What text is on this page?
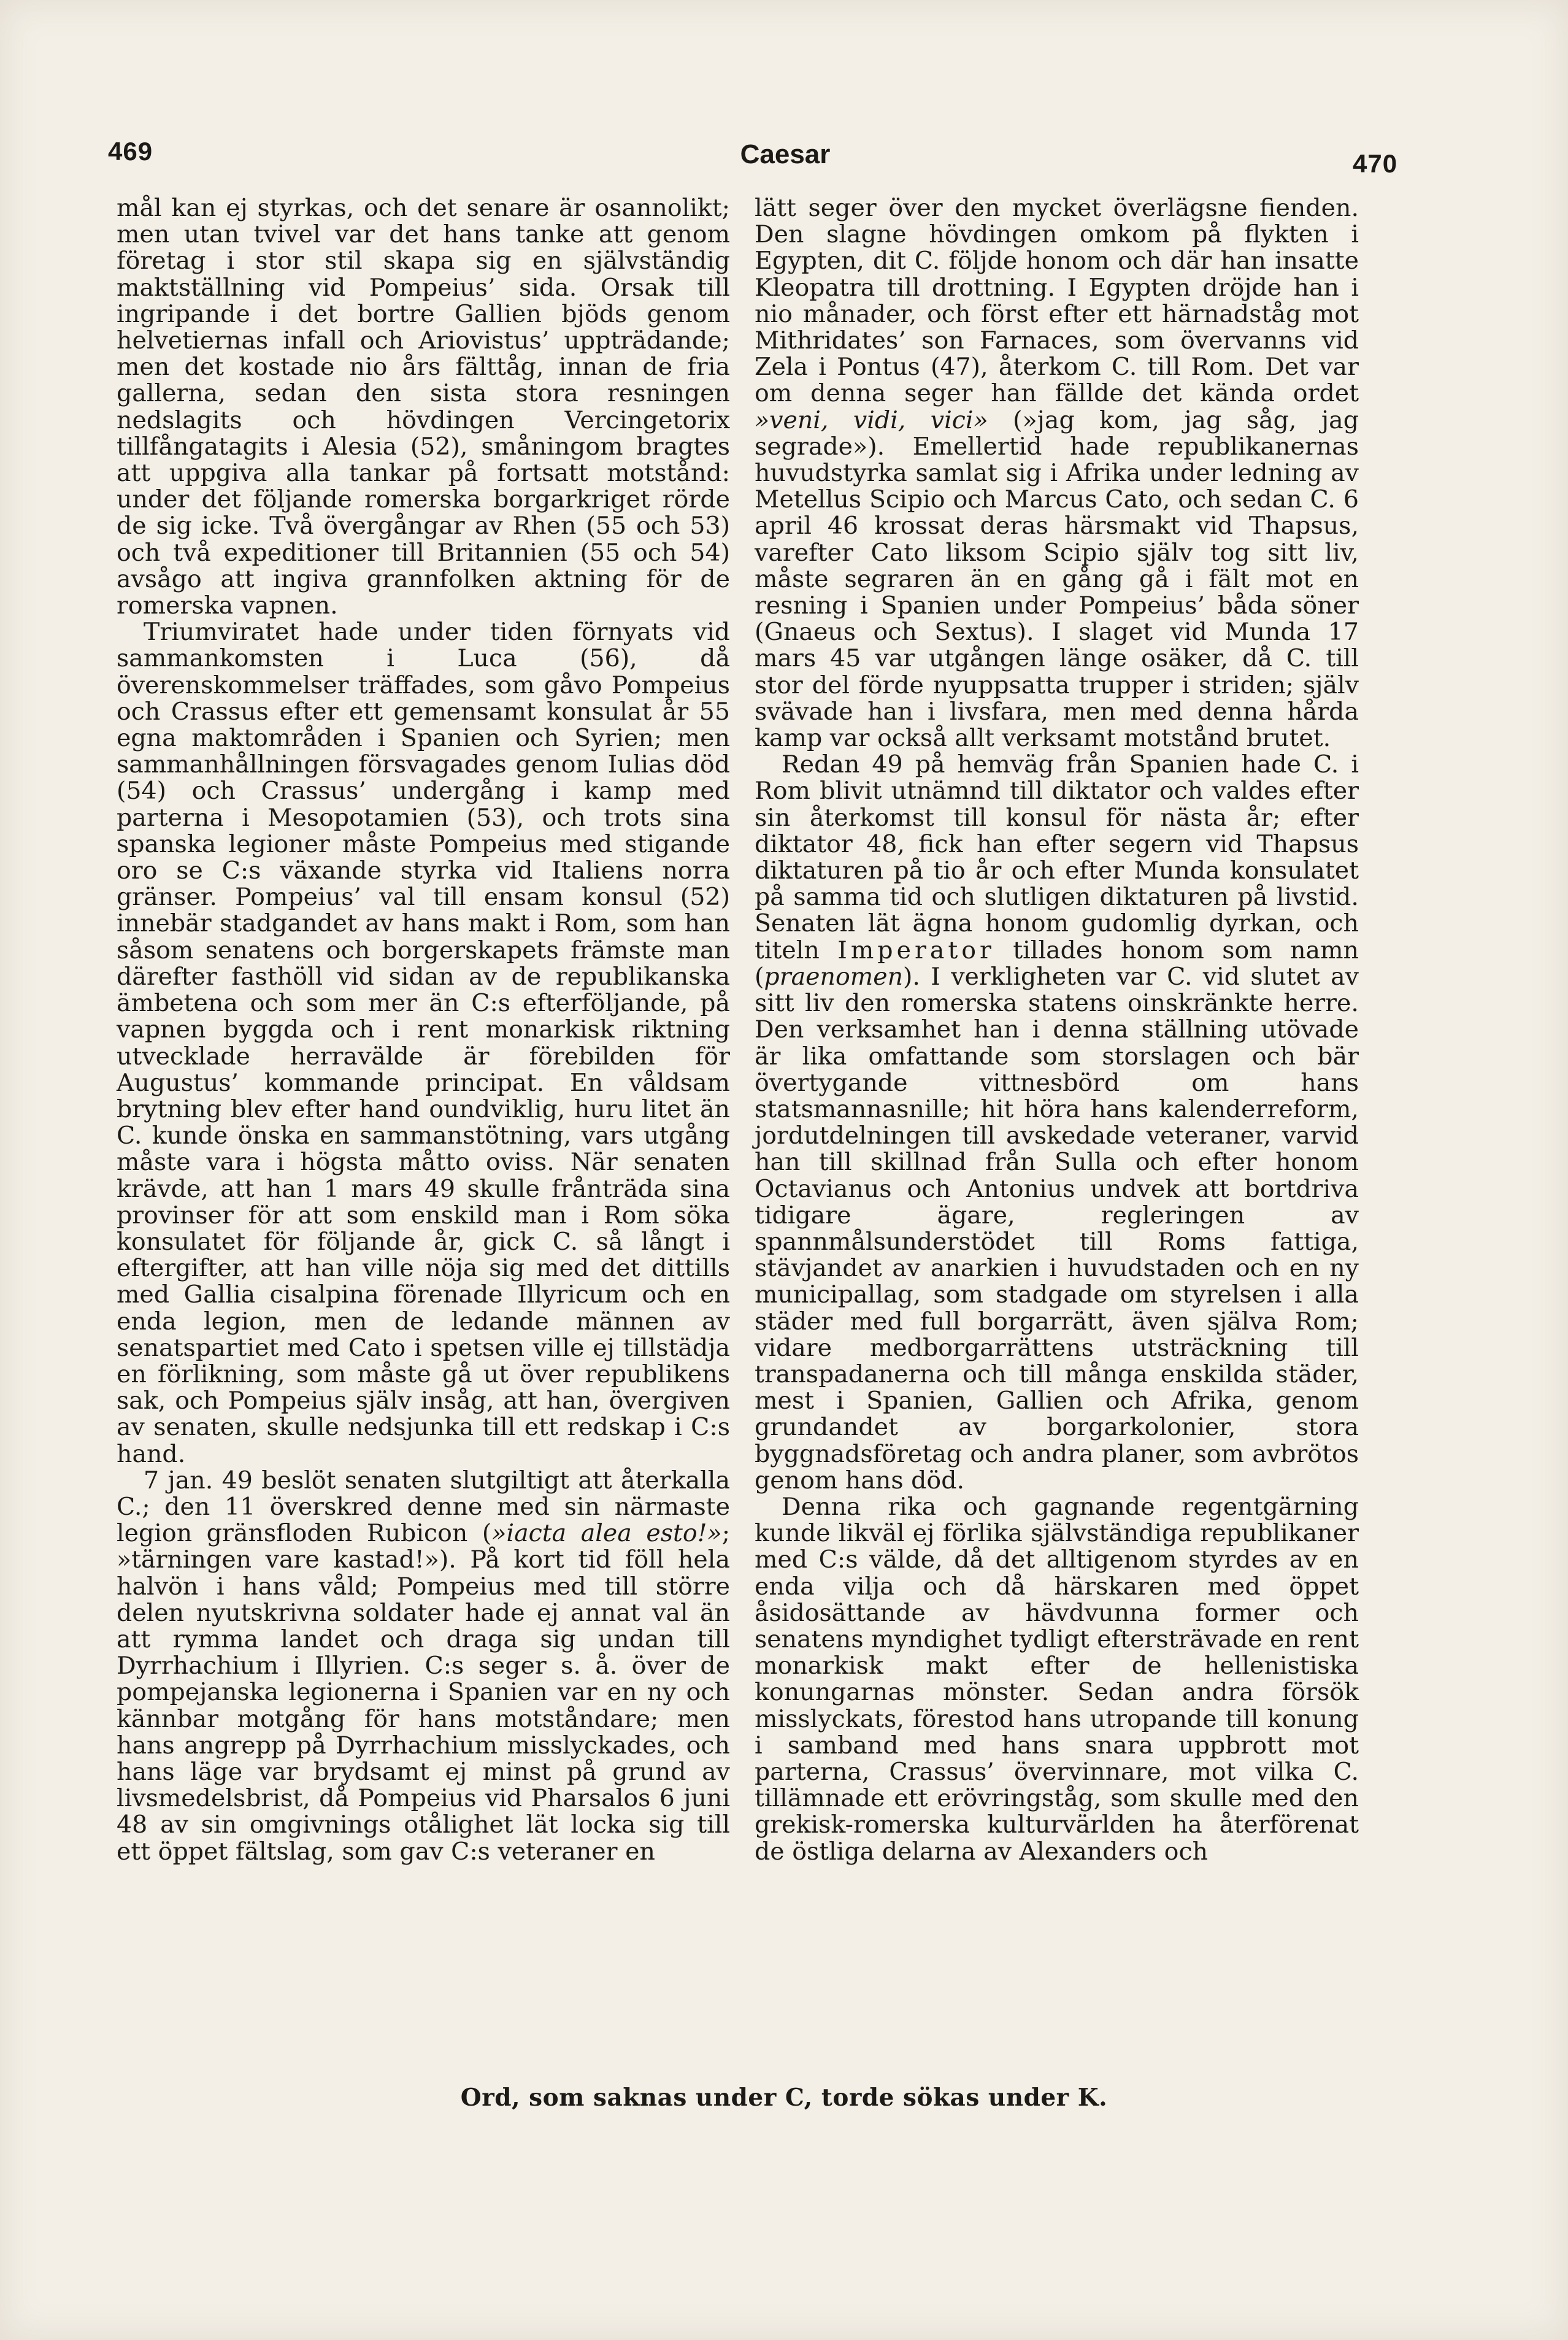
469	Caesar	470

mål kan ej styrkas, och det senare är osannolikt; men utan tvivel var det hans tanke att genom företag i stor stil skapa sig en självständig maktställning vid Pompeius’ sida. Orsak till ingripande i det bortre Gallien bjöds genom helvetiernas infall och Ariovistus’ uppträdande; men det kostade nio års fälttåg, innan de fria gallerna, sedan den sista stora resningen nedslagits och hövdingen Vercingetorix tillfångatagits i Alesia (52), småningom bragtes att uppgiva alla tankar på fortsatt motstånd: under det följande romerska borgarkriget rörde de sig icke. Två övergångar av Rhen (55 och 53) och två expeditioner till Britannien (55 och 54) avsågo att ingiva grannfolken aktning för de romerska vapnen.

Triumviratet hade under tiden förnyats vid sammankomsten i Luca (56), då överenskommelser träffades, som gåvo Pompeius och Crassus efter ett gemensamt konsulat år 55 egna maktområden i Spanien och Syrien; men sammanhållningen försvagades genom Iulias död (54) och Crassus’ undergång i kamp med parterna i Mesopotamien (53), och trots sina spanska legioner måste Pompeius med stigande oro se C:s växande styrka vid Italiens norra gränser. Pompeius’ val till ensam konsul (52) innebär stadgandet av hans makt i Rom, som han såsom senatens och borgerskapets främste man därefter fasthöll vid sidan av de republikanska ämbetena och som mer än C:s efterföljande, på vapnen byggda och i rent monarkisk riktning utvecklade herravälde är förebilden för Augustus’ kommande principat. En våldsam brytning blev efter hand oundviklig, huru litet än C. kunde önska en sammanstötning, vars utgång måste vara i högsta måtto oviss. När senaten krävde, att han 1 mars 49 skulle frånträda sina provinser för att som enskild man i Rom söka konsulatet för följande år, gick C. så långt i eftergifter, att han ville nöja sig med det dittills med Gallia cisalpina förenade Illyricum och en enda legion, men de ledande männen av senatspartiet med Cato i spetsen ville ej tillstädja en förlikning, som måste gå ut över republikens sak, och Pompeius själv insåg, att han, övergiven av senaten, skulle nedsjunka till ett redskap i C:s hand.

7 jan. 49 beslöt senaten slutgiltigt att återkalla C.; den 11 överskred denne med sin närmaste legion gränsfloden Rubicon (»iacta alea esto!»; »tärningen vare kastad!»). På kort tid föll hela halvön i hans våld; Pompeius med till större delen nyutskrivna soldater hade ej annat val än att rymma landet och draga sig undan till Dyrrhachium i Illyrien. C:s seger s. å. över de pompejanska legionerna i Spanien var en ny och kännbar motgång för hans motståndare; men hans angrepp på Dyrrhachium misslyckades, och hans läge var brydsamt ej minst på grund av livsmedelsbrist, då Pompeius vid Pharsalos 6 juni 48 av sin omgivnings otålighet lät locka sig till ett öppet fältslag, som gav C:s veteraner en

lätt seger över den mycket överlägsne fienden. Den slagne hövdingen omkom på flykten i Egypten, dit C. följde honom och där han insatte Kleopatra till drottning. I Egypten dröjde han i nio månader, och först efter ett härnadståg mot Mithridates’ son Farnaces, som övervanns vid Zela i Pontus (47), återkom C. till Rom. Det var om denna seger han fällde det kända ordet »veni, vidi, vici» (»jag kom, jag såg, jag segrade»). Emellertid hade republikanernas huvudstyrka samlat sig i Afrika under ledning av Metellus Scipio och Marcus Cato, och sedan C. 6 april 46 krossat deras härsmakt vid Thapsus, varefter Cato liksom Scipio själv tog sitt liv, måste segraren än en gång gå i fält mot en resning i Spanien under Pompeius’ båda söner (Gnaeus och Sextus). I slaget vid Munda 17 mars 45 var utgången länge osäker, då C. till stor del förde nyuppsatta trupper i striden; själv svävade han i livsfara, men med denna hårda kamp var också allt verksamt motstånd brutet.

Redan 49 på hemväg från Spanien hade C. i Rom blivit utnämnd till diktator och valdes efter sin återkomst till konsul för nästa år; efter diktator 48, fick han efter segern vid Thapsus diktaturen på tio år och efter Munda konsulatet på samma tid och slutligen diktaturen på livstid. Senaten lät ägna honom gudomlig dyrkan, och titeln Imperator tillades honom som namn (praenomen). I verkligheten var C. vid slutet av sitt liv den romerska statens oinskränkte herre. Den verksamhet han i denna ställning utövade är lika omfattande som storslagen och bär övertygande vittnesbörd om hans statsmannasnille; hit höra hans kalenderreform, jordutdelningen till avskedade veteraner, varvid han till skillnad från Sulla och efter honom Octavianus och Antonius undvek att bortdriva tidigare ägare, regleringen av spannmålsunderstödet till Roms fattiga, stävjandet av anarkien i huvudstaden och en ny municipallag, som stadgade om styrelsen i alla städer med full borgarrätt, även själva Rom; vidare medborgarrättens utsträckning till transpadanerna och till många enskilda städer, mest i Spanien, Gallien och Afrika, genom grundandet av borgarkolonier, stora byggnadsföretag och andra planer, som avbrötos genom hans död.

Denna rika och gagnande regentgärning kunde likväl ej förlika självständiga republikaner med C:s välde, då det alltigenom styrdes av en enda vilja och då härskaren med öppet åsidosättande av hävdvunna former och senatens myndighet tydligt eftersträvade en rent monarkisk makt efter de hellenistiska konungarnas mönster. Sedan andra försök misslyckats, förestod hans utropande till konung i samband med hans snara uppbrott mot parterna, Crassus’ övervinnare, mot vilka C. tillämnade ett erövringståg, som skulle med den grekisk-romerska kulturvärlden ha återförenat de östliga delarna av Alexanders och

Ord, som saknas under C, torde sökas under K.
